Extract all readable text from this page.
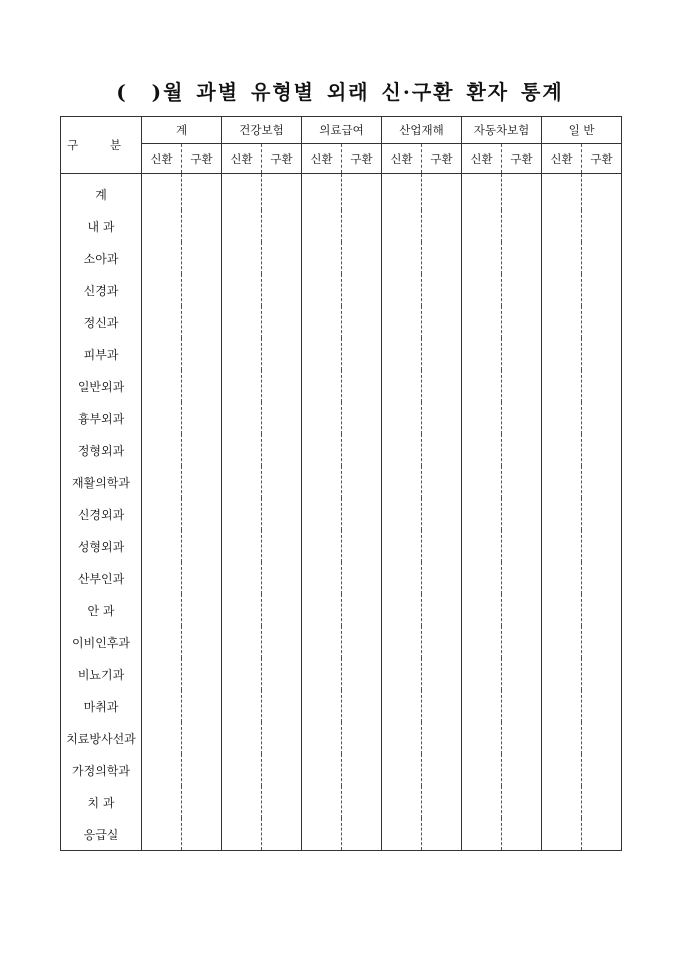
(  )월 과별 유형별 외래 신·구환 환자 통계
구 분	계		건강보험		의료급여		산업재해		자동차보험		일 반	
	신환	구환	신환	구환	신환	구환	신환	구환	신환	구환	신환	구환
계												
내 과												
소아과												
신경과												
정신과												
피부과												
일반외과												
흉부외과												
정형외과												
재활의학과												
신경외과												
성형외과												
산부인과												
안 과												
이비인후과												
비뇨기과												
마취과												
치료방사선과												
가정의학과												
치 과												
응급실												
